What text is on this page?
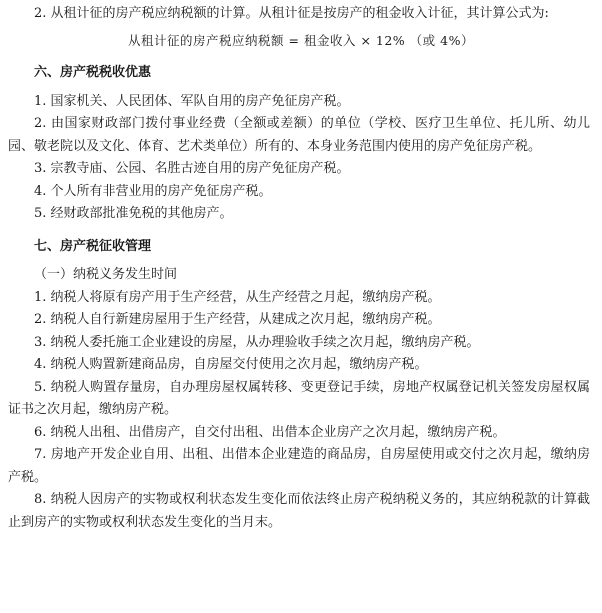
2. 从租计征的房产税应纳税额的计算。从租计征是按房产的租金收入计征，其计算公式为:

从租计征的房产税应纳税额 = 租金收入 × 12% （或 4%）

六、房产税税收优惠

1. 国家机关、人民团体、军队自用的房产免征房产税。

2. 由国家财政部门拨付事业经费（全额或差额）的单位（学校、医疗卫生单位、托儿所、幼儿园、敬老院以及文化、体育、艺术类单位）所有的、本身业务范围内使用的房产免征房产税。

3. 宗教寺庙、公园、名胜古迹自用的房产免征房产税。

4. 个人所有非营业用的房产免征房产税。

5. 经财政部批准免税的其他房产。

七、房产税征收管理
（一）纳税义务发生时间

1. 纳税人将原有房产用于生产经营，从生产经营之月起，缴纳房产税。

2. 纳税人自行新建房屋用于生产经营，从建成之次月起，缴纳房产税。

3. 纳税人委托施工企业建设的房屋，从办理验收手续之次月起，缴纳房产税。

4. 纳税人购置新建商品房，自房屋交付使用之次月起，缴纳房产税。

5. 纳税人购置存量房，自办理房屋权属转移、变更登记手续，房地产权属登记机关签发房屋权属证书之次月起，缴纳房产税。

6. 纳税人出租、出借房产，自交付出租、出借本企业房产之次月起，缴纳房产税。

7. 房地产开发企业自用、出租、出借本企业建造的商品房，自房屋使用或交付之次月起，缴纳房产税。

8. 纳税人因房产的实物或权利状态发生变化而依法终止房产税纳税义务的，其应纳税款的计算截止到房产的实物或权利状态发生变化的当月末。
